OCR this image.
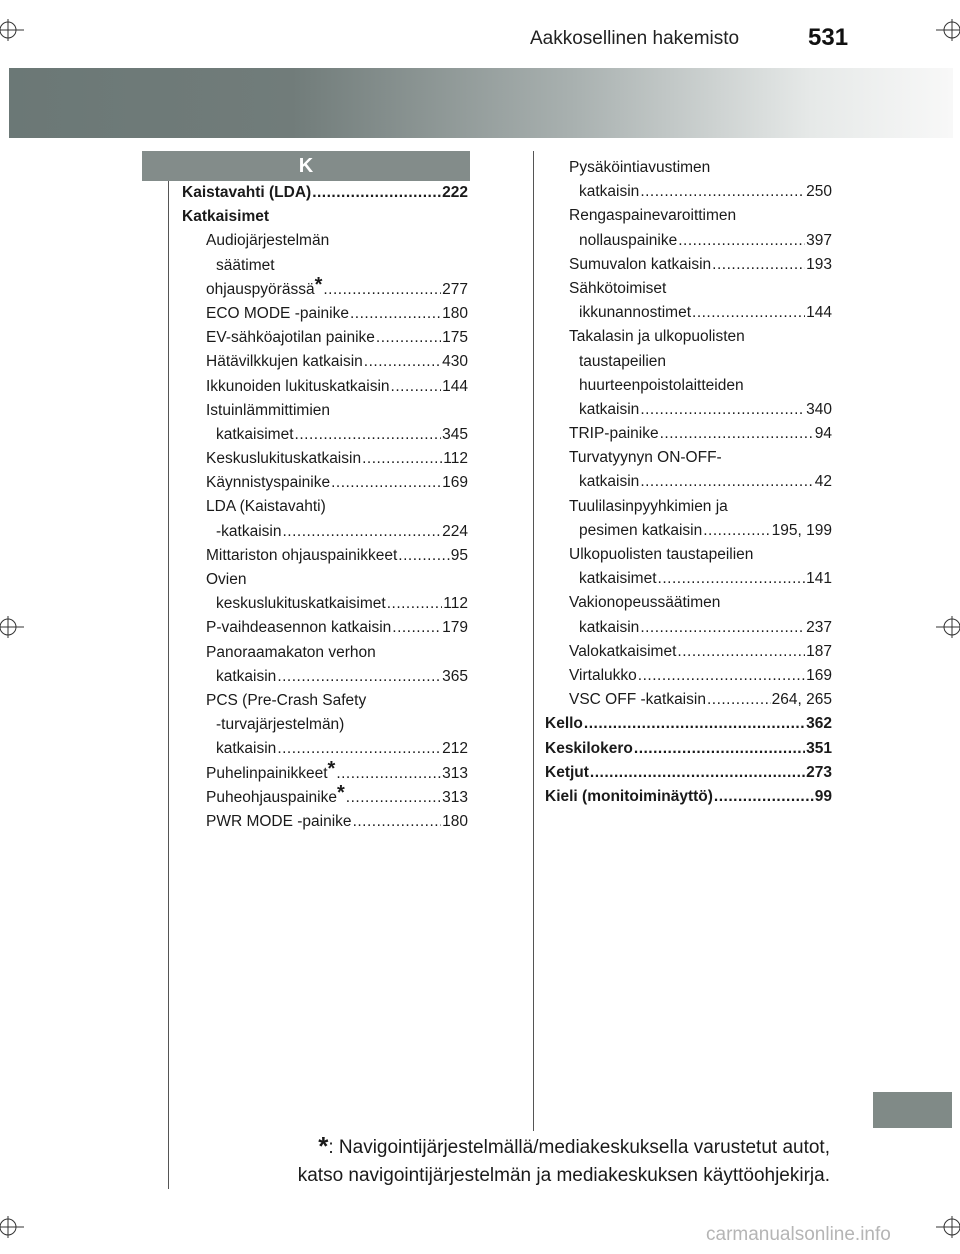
Aakkosellinen hakemisto	531
K
Kaistavahti (LDA) .....	222
Katkaisimet
Audiojärjestelmän
säätimet
ohjauspyörässä* .....	277
ECO MODE -painike .....	180
EV-sähköajotilan painike .....	175
Hätävilkkujen katkaisin .....	430
Ikkunoiden lukituskatkaisin .....	144
Istuinlämmittimien
katkaisimet .....	345
Keskuslukituskatkaisin .....	112
Käynnistyspainike .....	169
LDA (Kaistavahti)
-katkaisin .....	224
Mittariston ohjauspainikkeet .....	95
Ovien
keskuslukituskatkaisimet .....	112
P-vaihdeasennon katkaisin .....	179
Panoraamakaton verhon
katkaisin .....	365
PCS (Pre-Crash Safety
-turvajärjestelmän)
katkaisin .....	212
Puhelinpainikkeet* .....	313
Puheohjauspainike* .....	313
PWR MODE -painike .....	180
Pysäköintiavustimen
katkaisin .....	250
Rengaspainevaroittimen
nollauspainike .....	397
Sumuvalon katkaisin .....	193
Sähkötoimiset
ikkunannostimet .....	144
Takalasin ja ulkopuolisten
taustapeilien
huurteenpoistolaitteiden
katkaisin .....	340
TRIP-painike .....	94
Turvatyynyn ON-OFF-
katkaisin .....	42
Tuulilasinpyyhkimien ja
pesimen katkaisin .....	195, 199
Ulkopuolisten taustapeilien
katkaisimet .....	141
Vakionopeussäätimen
katkaisin .....	237
Valokatkaisimet .....	187
Virtalukko .....	169
VSC OFF -katkaisin .....	264, 265
Kello .....	362
Keskilokero .....	351
Ketjut .....	273
Kieli (monitoiminäyttö) .....	99
*: Navigointijärjestelmällä/mediakeskuksella varustetut autot,
katso navigointijärjestelmän ja mediakeskuksen käyttöohjekirja.
carmanualsonline.info
